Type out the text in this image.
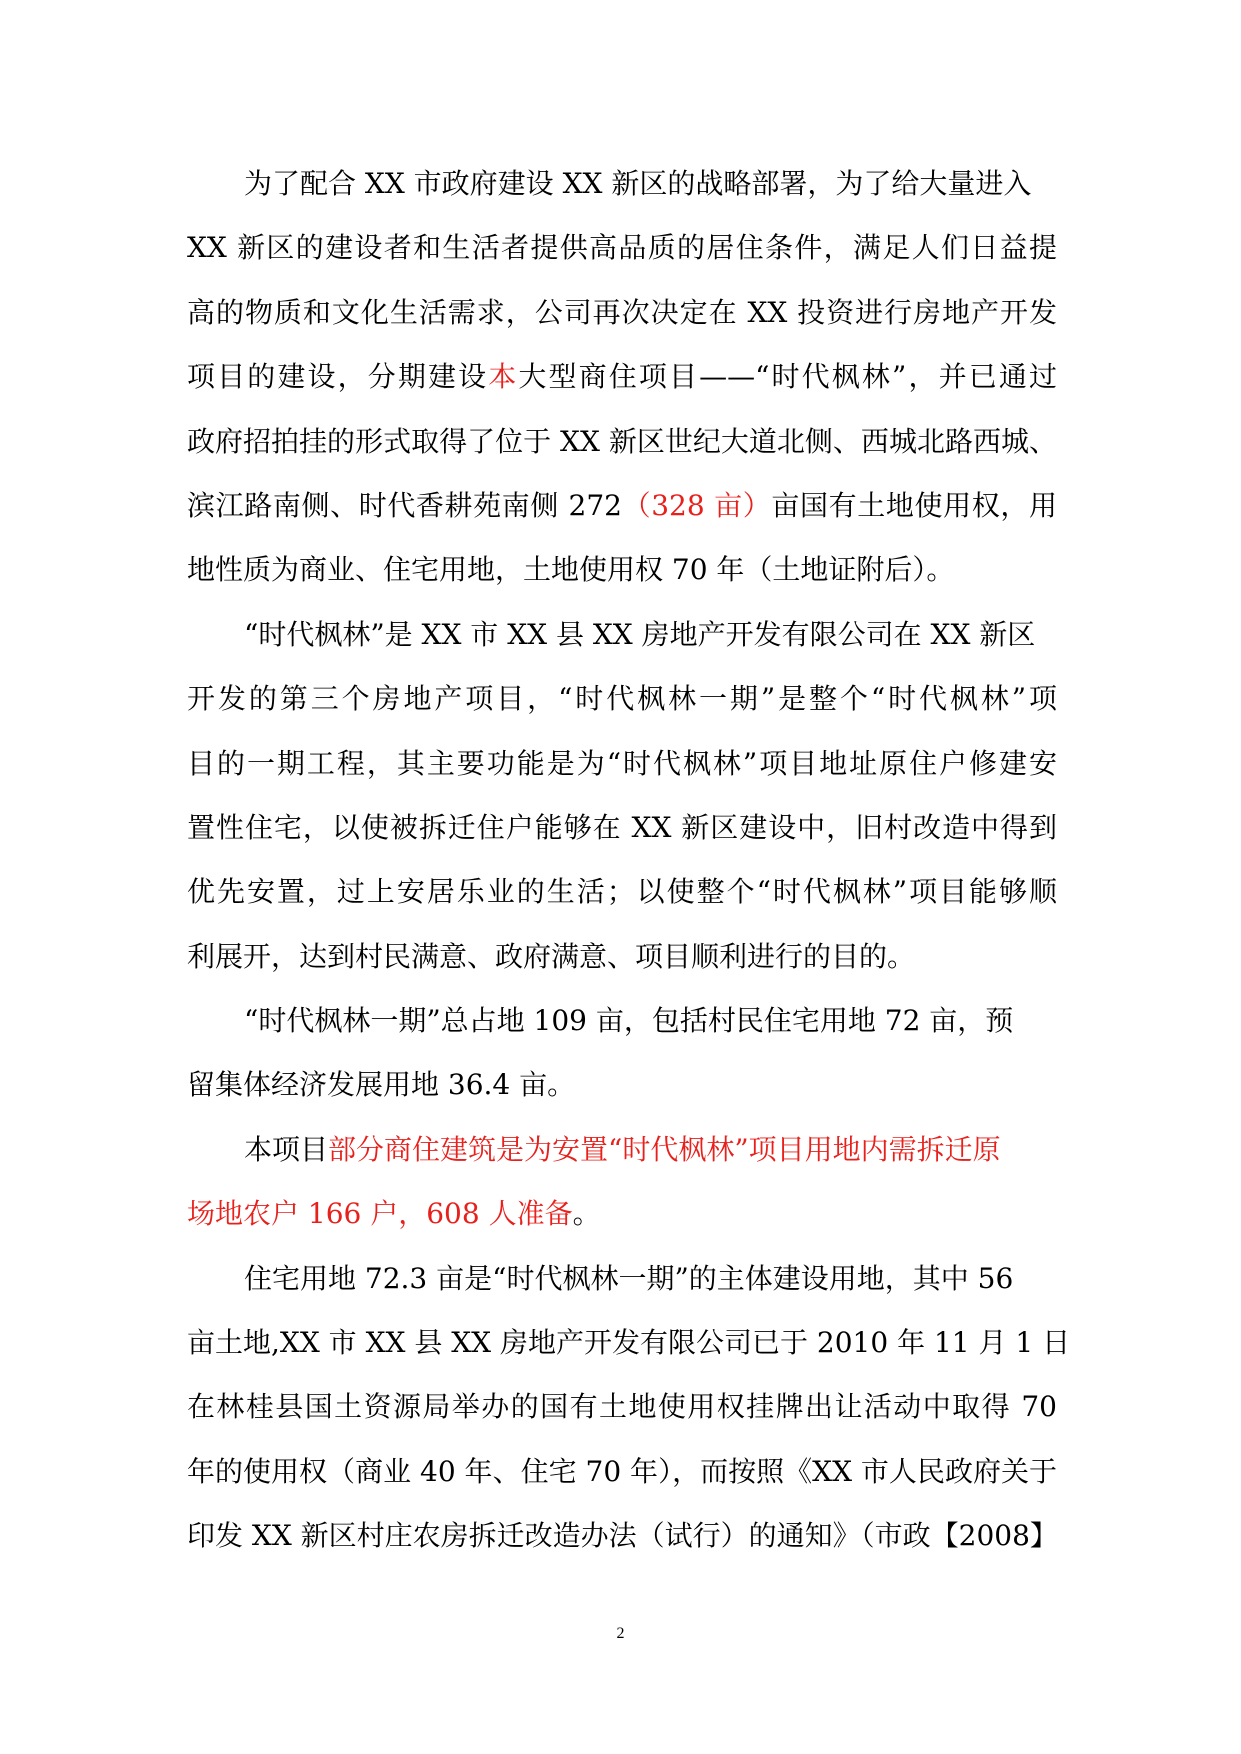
为了配合 XX 市政府建设 XX 新区的战略部署，为了给大量进入
XX 新区的建设者和生活者提供高品质的居住条件，满足人们日益提
高的物质和文化生活需求，公司再次决定在 XX 投资进行房地产开发
项目的建设，分期建设本大型商住项目——“时代枫林”，并已通过
政府招拍挂的形式取得了位于 XX 新区世纪大道北侧、西城北路西城、
滨江路南侧、时代香耕苑南侧 272（328 亩）亩国有土地使用权，用
地性质为商业、住宅用地，土地使用权 70 年（土地证附后）。
“时代枫林”是 XX 市 XX 县 XX 房地产开发有限公司在 XX 新区
开发的第三个房地产项目，“时代枫林一期”是整个“时代枫林”项
目的一期工程，其主要功能是为“时代枫林”项目地址原住户修建安
置性住宅，以使被拆迁住户能够在 XX 新区建设中，旧村改造中得到
优先安置，过上安居乐业的生活；以使整个“时代枫林”项目能够顺
利展开，达到村民满意、政府满意、项目顺利进行的目的。
“时代枫林一期”总占地 109 亩，包括村民住宅用地 72 亩，预
留集体经济发展用地 36.4 亩。
本项目部分商住建筑是为安置“时代枫林”项目用地内需拆迁原
场地农户 166 户，608 人准备。
住宅用地 72.3 亩是“时代枫林一期”的主体建设用地，其中 56
亩土地,XX 市 XX 县 XX 房地产开发有限公司已于 2010 年 11 月 1 日
在林桂县国土资源局举办的国有土地使用权挂牌出让活动中取得 70
年的使用权（商业 40 年、住宅 70 年），而按照《XX 市人民政府关于
印发 XX 新区村庄农房拆迁改造办法（试行）的通知》（市政【2008】
2
